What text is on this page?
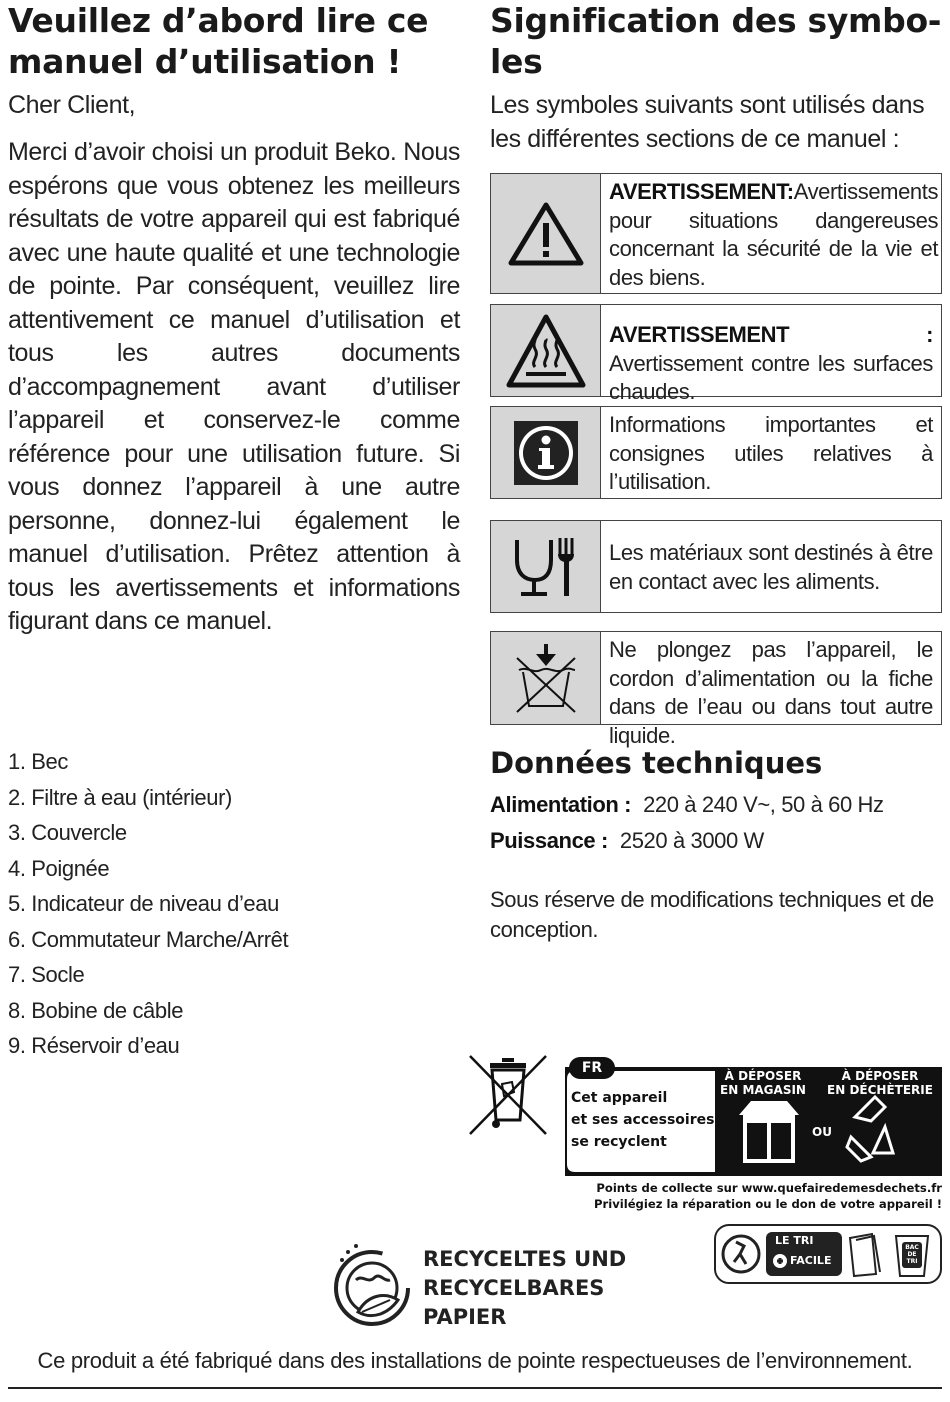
Veuillez d’abord lire ce
manuel d’utilisation !

Cher Client,

Merci d’avoir choisi un produit Beko. Nous espérons que vous obtenez les meilleurs résultats de votre appareil qui est fabriqué avec une haute qualité et une technologie de pointe. Par conséquent, veuillez lire attentivement ce manuel d’utilisation et tous les autres documents d’accompagnement avant d’utiliser l’appareil et conservez-le comme référence pour une utilisation future. Si vous donnez l’appareil à une autre personne, donnez-lui également le manuel d’utilisation. Prêtez attention à tous les avertissements et informations figurant dans ce manuel.

1. Bec
2. Filtre à eau (intérieur)
3. Couvercle
4. Poignée
5. Indicateur de niveau d’eau
6. Commutateur Marche/Arrêt
7. Socle
8. Bobine de câble
9. Réservoir d’eau
Signification des symbo-
les

Les symboles suivants sont utilisés dans les différentes sections de ce manuel :

AVERTISSEMENT:Avertissements pour situations dangereuses concernant la sécurité de la vie et des biens.
AVERTISSEMENT : Avertissement contre les surfaces chaudes.
Informations importantes et consignes utiles relatives à l’utilisation.
Les matériaux sont destinés à être en contact avec les aliments.
Ne plongez pas l’appareil, le cordon d’alimentation ou la fiche dans de l’eau ou dans tout autre liquide.
Données techniques
Alimentation : 220 à 240 V~, 50 à 60 Hz
Puissance : 2520 à 3000 W

Sous réserve de modifications techniques et de conception.

FR
Cet appareil
et ses accessoires
se recyclent
À DÉPOSER
EN MAGASIN
OU
À DÉPOSER
EN DÉCHÈTERIE
Points de collecte sur www.quefairedemesdechets.fr
Privilégiez la réparation ou le don de votre appareil !
RECYCELTES UND
RECYCELBARES
PAPIER
LE TRI
FACILE
BAC DE TRI

Ce produit a été fabriqué dans des installations de pointe respectueuses de l’environnement.
